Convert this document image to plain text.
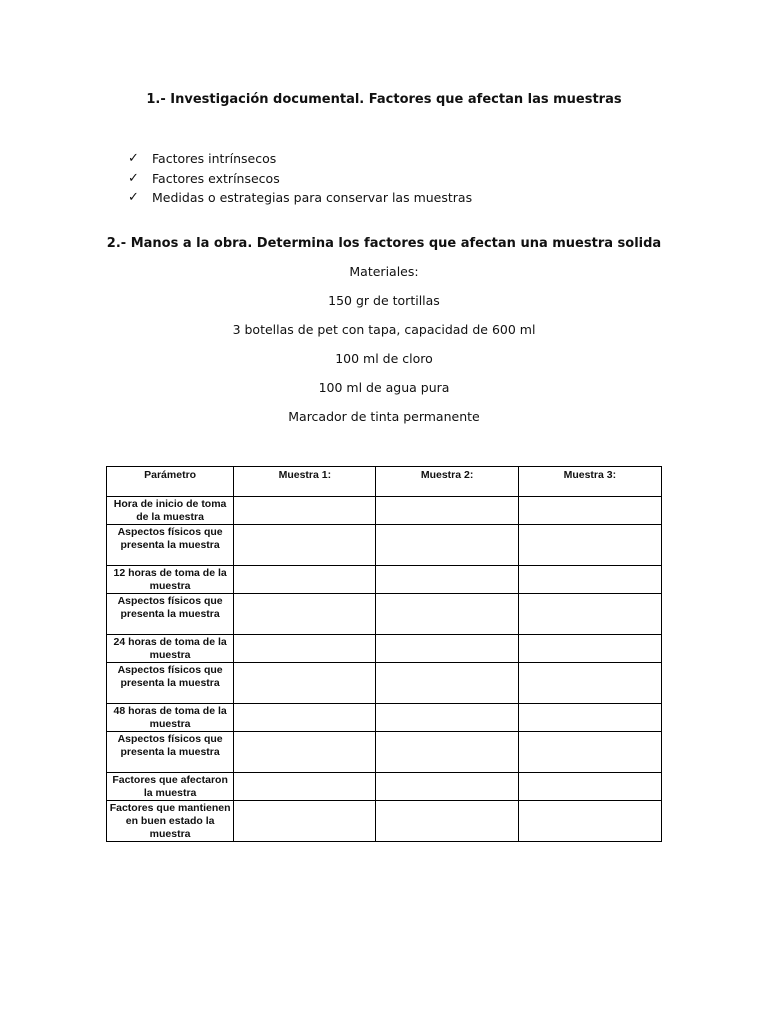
1.- Investigación documental. Factores que afectan las muestras

✓	Factores intrínsecos
✓	Factores extrínsecos
✓	Medidas o estrategias para conservar las muestras

2.- Manos a la obra. Determina los factores que afectan una muestra solida

Materiales:

150 gr de tortillas

3 botellas de pet con tapa, capacidad de 600 ml

100 ml de cloro

100 ml de agua pura

Marcador de tinta permanente

Parámetro	Muestra 1:	Muestra 2:	Muestra 3:
Hora de inicio de toma de la muestra			
Aspectos físicos que presenta la muestra			
12 horas de toma de la muestra			
Aspectos físicos que presenta la muestra			
24 horas de toma de la muestra			
Aspectos físicos que presenta la muestra			
48 horas de toma de la muestra			
Aspectos físicos que presenta la muestra			
Factores que afectaron la muestra			
Factores que mantienen en buen estado la muestra			
